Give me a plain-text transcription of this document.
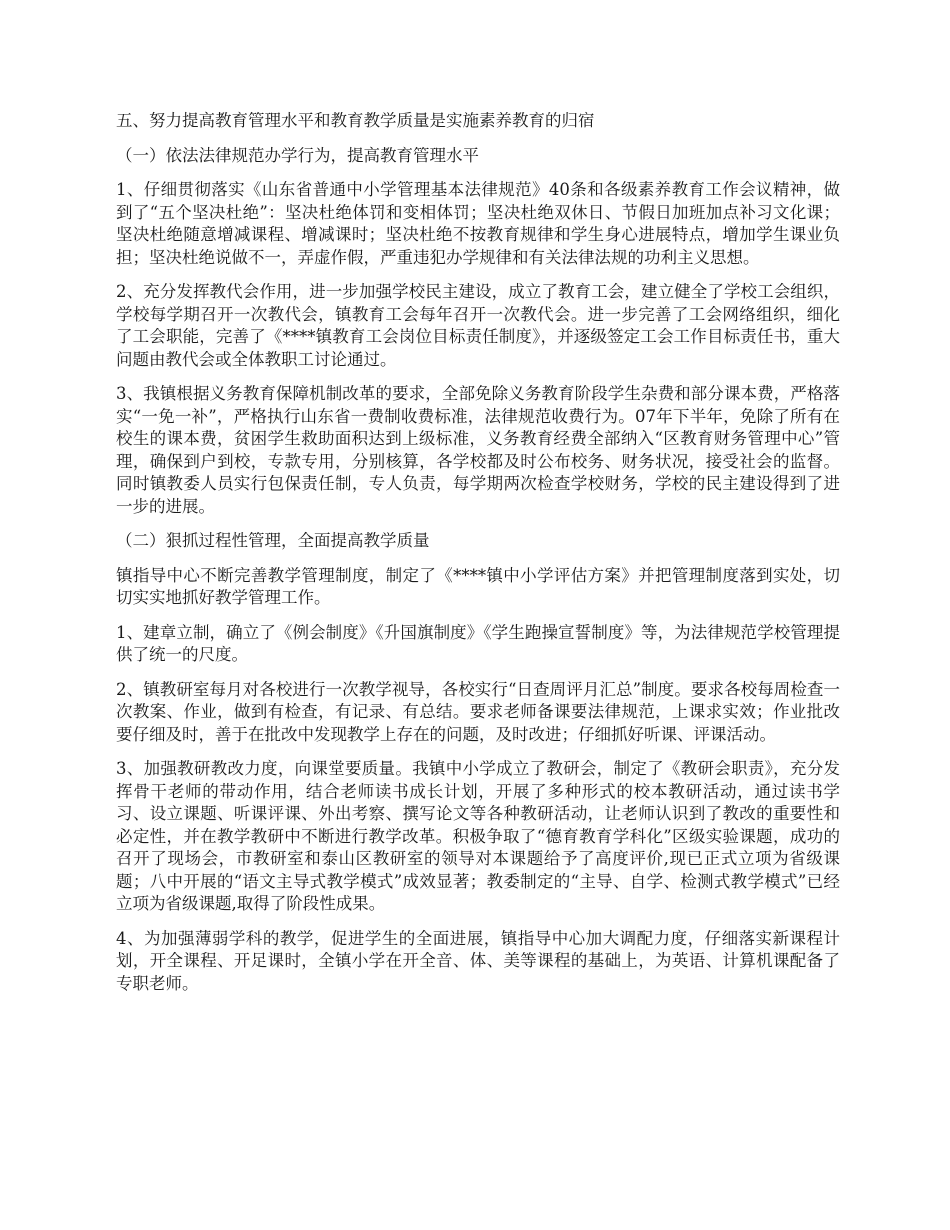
五、努力提高教育管理水平和教育教学质量是实施素养教育的归宿

（一）依法法律规范办学行为，提高教育管理水平

1、仔细贯彻落实《山东省普通中小学管理基本法律规范》40条和各级素养教育工作会议精神，做到了“五个坚决杜绝”：坚决杜绝体罚和变相体罚；坚决杜绝双休日、节假日加班加点补习文化课；坚决杜绝随意增减课程、增减课时；坚决杜绝不按教育规律和学生身心进展特点，增加学生课业负担；坚决杜绝说做不一，弄虚作假，严重违犯办学规律和有关法律法规的功利主义思想。

2、充分发挥教代会作用，进一步加强学校民主建设，成立了教育工会，建立健全了学校工会组织，学校每学期召开一次教代会，镇教育工会每年召开一次教代会。进一步完善了工会网络组织，细化了工会职能，完善了《****镇教育工会岗位目标责任制度》，并逐级签定工会工作目标责任书，重大问题由教代会或全体教职工讨论通过。

3、我镇根据义务教育保障机制改革的要求，全部免除义务教育阶段学生杂费和部分课本费，严格落实“一免一补”，严格执行山东省一费制收费标准，法律规范收费行为。07年下半年，免除了所有在校生的课本费，贫困学生救助面积达到上级标准，义务教育经费全部纳入“区教育财务管理中心”管理，确保到户到校，专款专用，分别核算，各学校都及时公布校务、财务状况，接受社会的监督。同时镇教委人员实行包保责任制，专人负责，每学期两次检查学校财务，学校的民主建设得到了进一步的进展。

（二）狠抓过程性管理，全面提高教学质量

镇指导中心不断完善教学管理制度，制定了《****镇中小学评估方案》并把管理制度落到实处，切切实实地抓好教学管理工作。

1、建章立制，确立了《例会制度》《升国旗制度》《学生跑操宣誓制度》等，为法律规范学校管理提供了统一的尺度。

2、镇教研室每月对各校进行一次教学视导，各校实行“日查周评月汇总”制度。要求各校每周检查一次教案、作业，做到有检查，有记录、有总结。要求老师备课要法律规范，上课求实效；作业批改要仔细及时，善于在批改中发现教学上存在的问题，及时改进；仔细抓好听课、评课活动。

3、加强教研教改力度，向课堂要质量。我镇中小学成立了教研会，制定了《教研会职责》，充分发挥骨干老师的带动作用，结合老师读书成长计划，开展了多种形式的校本教研活动，通过读书学习、设立课题、听课评课、外出考察、撰写论文等各种教研活动，让老师认识到了教改的重要性和必定性，并在教学教研中不断进行教学改革。积极争取了“德育教育学科化”区级实验课题，成功的召开了现场会，市教研室和泰山区教研室的领导对本课题给予了高度评价,现已正式立项为省级课题；八中开展的“语文主导式教学模式”成效显著；教委制定的“主导、自学、检测式教学模式”已经立项为省级课题,取得了阶段性成果。

4、为加强薄弱学科的教学，促进学生的全面进展，镇指导中心加大调配力度，仔细落实新课程计划，开全课程、开足课时，全镇小学在开全音、体、美等课程的基础上，为英语、计算机课配备了专职老师。
